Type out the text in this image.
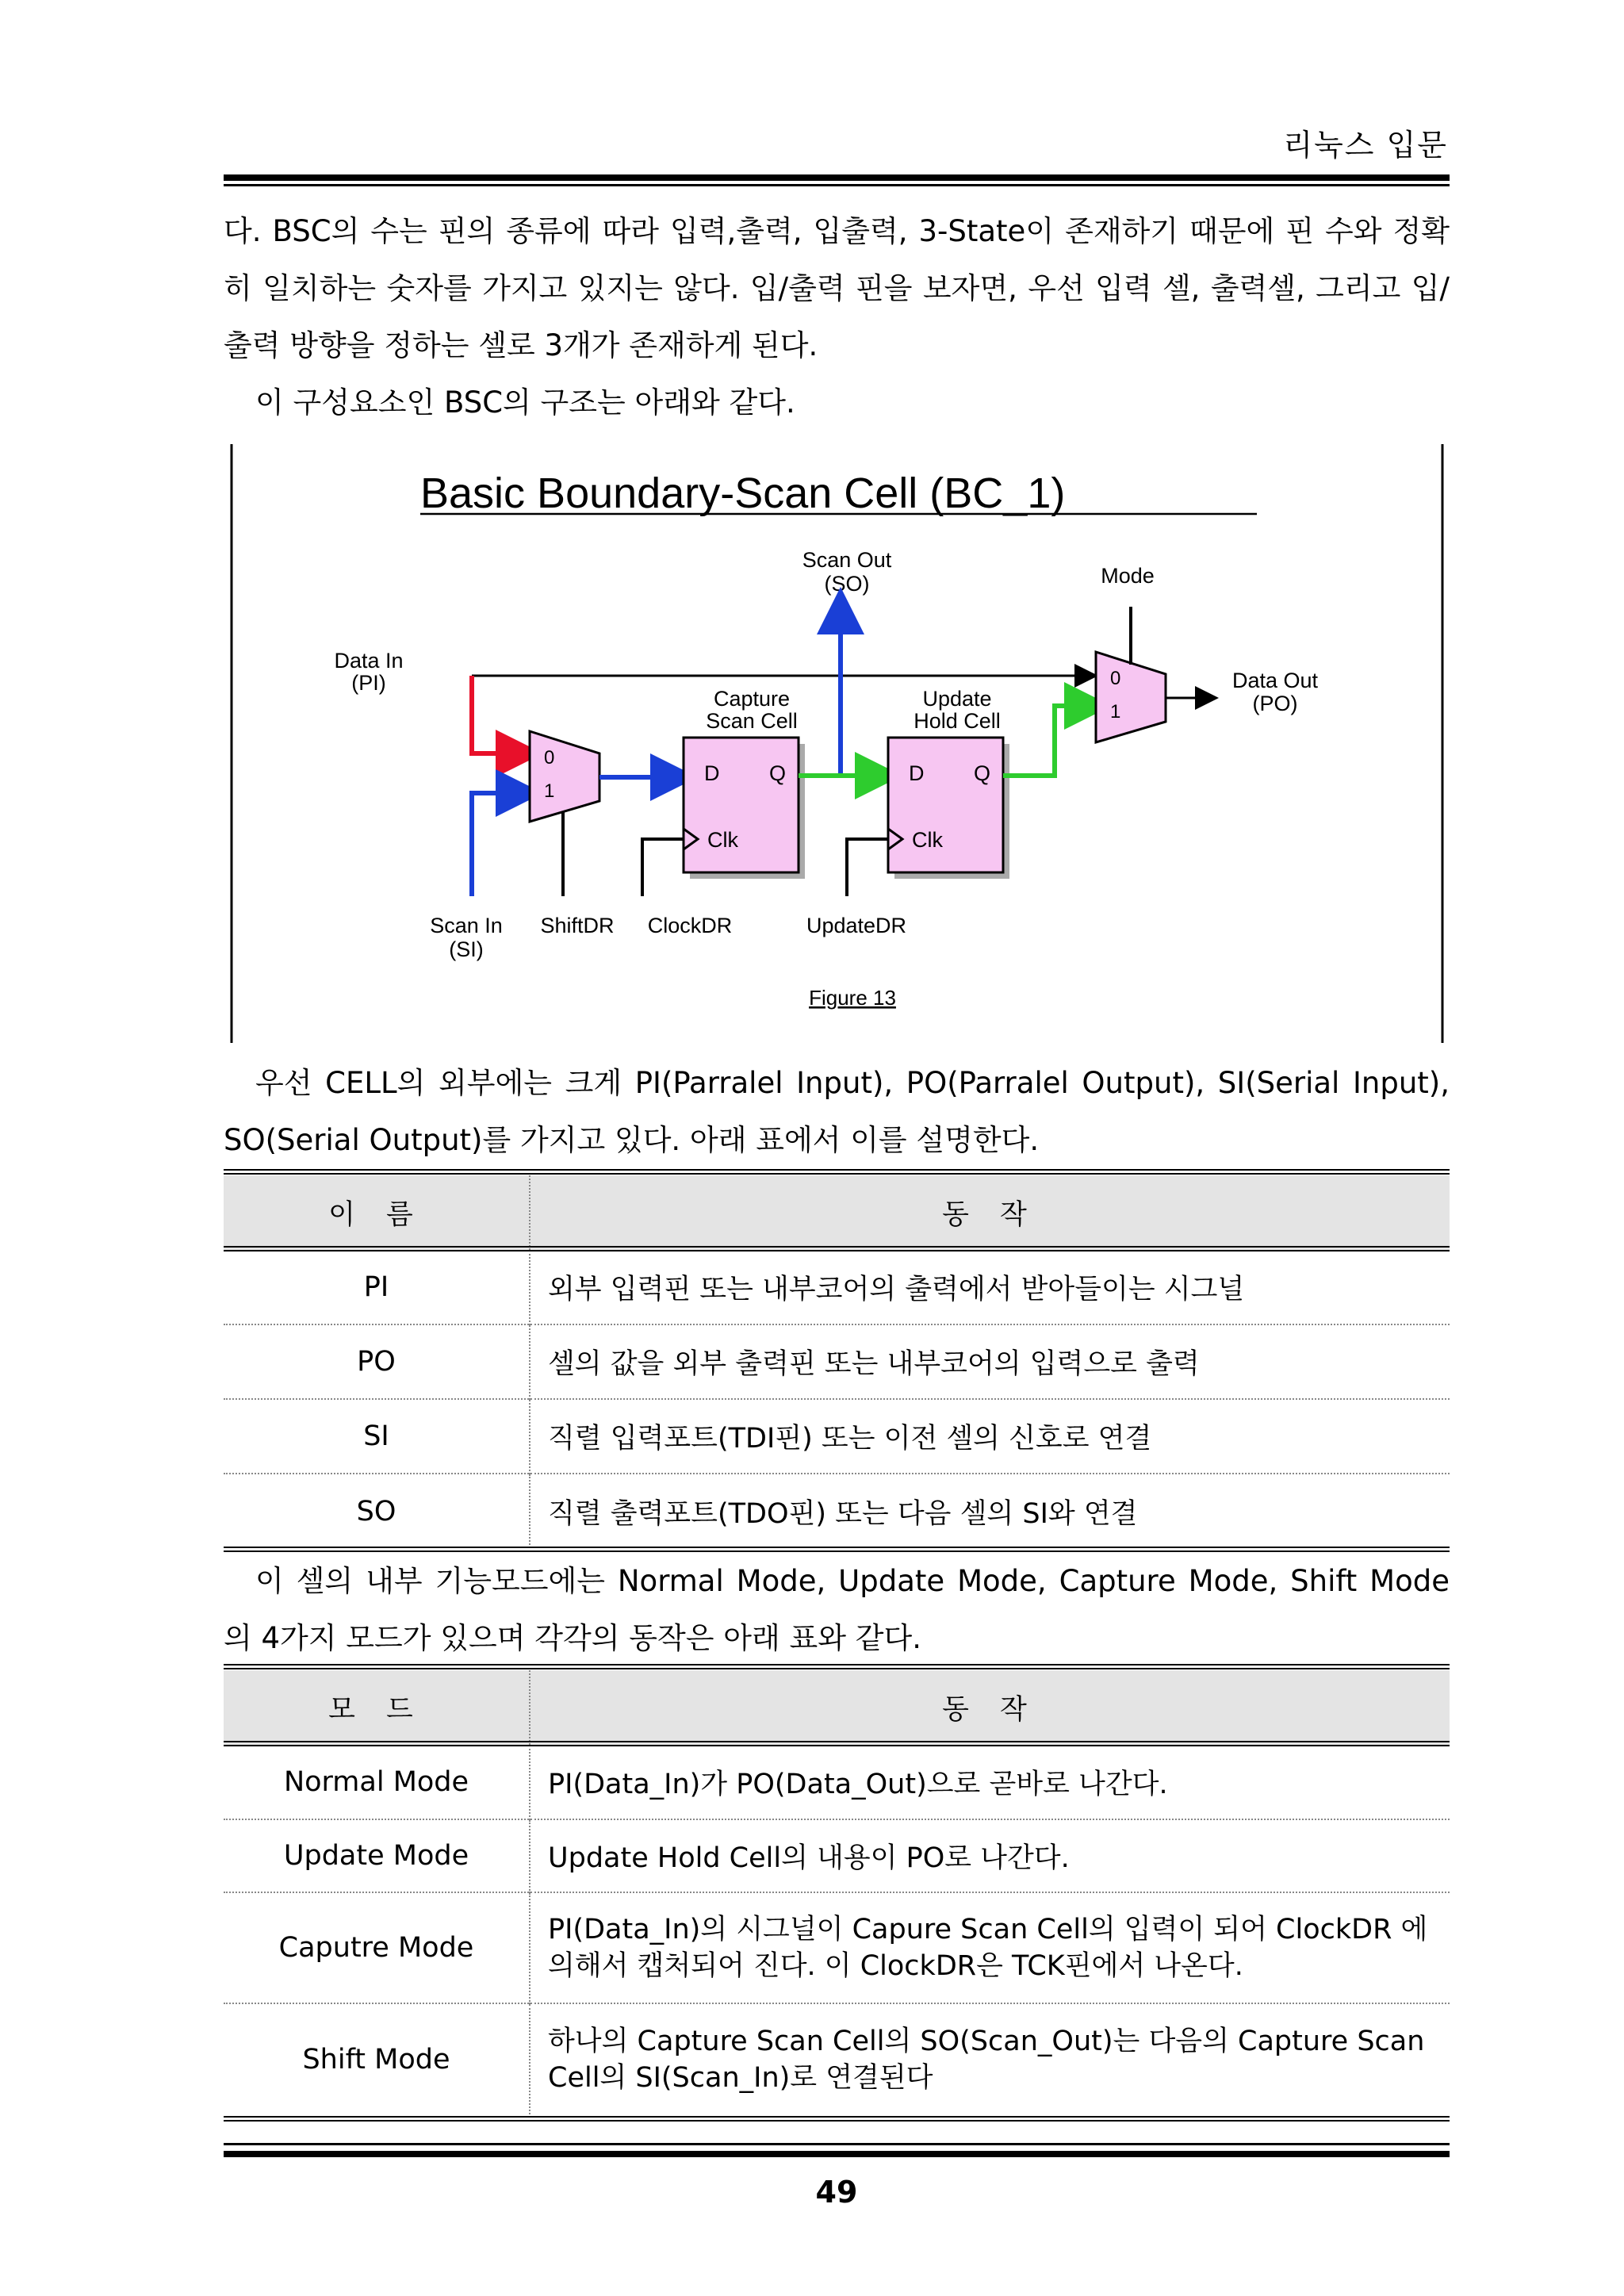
리눅스 입문

다. BSC의 수는 핀의 종류에 따라 입력,출력, 입출력, 3-State이 존재하기 때문에 핀 수와 정확히 일치하는 숫자를 가지고 있지는 않다. 입/출력 핀을 보자면, 우선 입력 셀, 출력셀, 그리고 입/출력 방향을 정하는 셀로 3개가 존재하게 된다.

이 구성요소인 BSC의 구조는 아래와 같다.

Basic Boundary-Scan Cell (BC_1)
Scan Out
(SO)	Mode
Data In
(PI)	Data Out
(PO)
Capture
Scan Cell
Update
Hold Cell
0
1
D Q
Clk
D Q
Clk
0
1
Scan In
(SI)
ShiftDR ClockDR	UpdateDR
Figure 13

우선 CELL의 외부에는 크게 PI(Parralel Input), PO(Parralel Output), SI(Serial Input), SO(Serial Output)를 가지고 있다. 아래 표에서 이를 설명한다.

이 름	동 작
PI	외부 입력핀 또는 내부코어의 출력에서 받아들이는 시그널
PO	셀의 값을 외부 출력핀 또는 내부코어의 입력으로 출력
SI	직렬 입력포트(TDI핀) 또는 이전 셀의 신호로 연결
SO	직렬 출력포트(TDO핀) 또는 다음 셀의 SI와 연결

이 셀의 내부 기능모드에는 Normal Mode, Update Mode, Capture Mode, Shift Mode 의 4가지 모드가 있으며 각각의 동작은 아래 표와 같다.

모 드	동 작
Normal Mode	PI(Data_In)가 PO(Data_Out)으로 곧바로 나간다.
Update Mode	Update Hold Cell의 내용이 PO로 나간다.
Caputre Mode	PI(Data_In)의 시그널이 Capure Scan Cell의 입력이 되어 ClockDR 에 의해서 캡처되어 진다. 이 ClockDR은 TCK핀에서 나온다.
Shift Mode	하나의 Capture Scan Cell의 SO(Scan_Out)는 다음의 Capture Scan Cell의 SI(Scan_In)로 연결된다
49
